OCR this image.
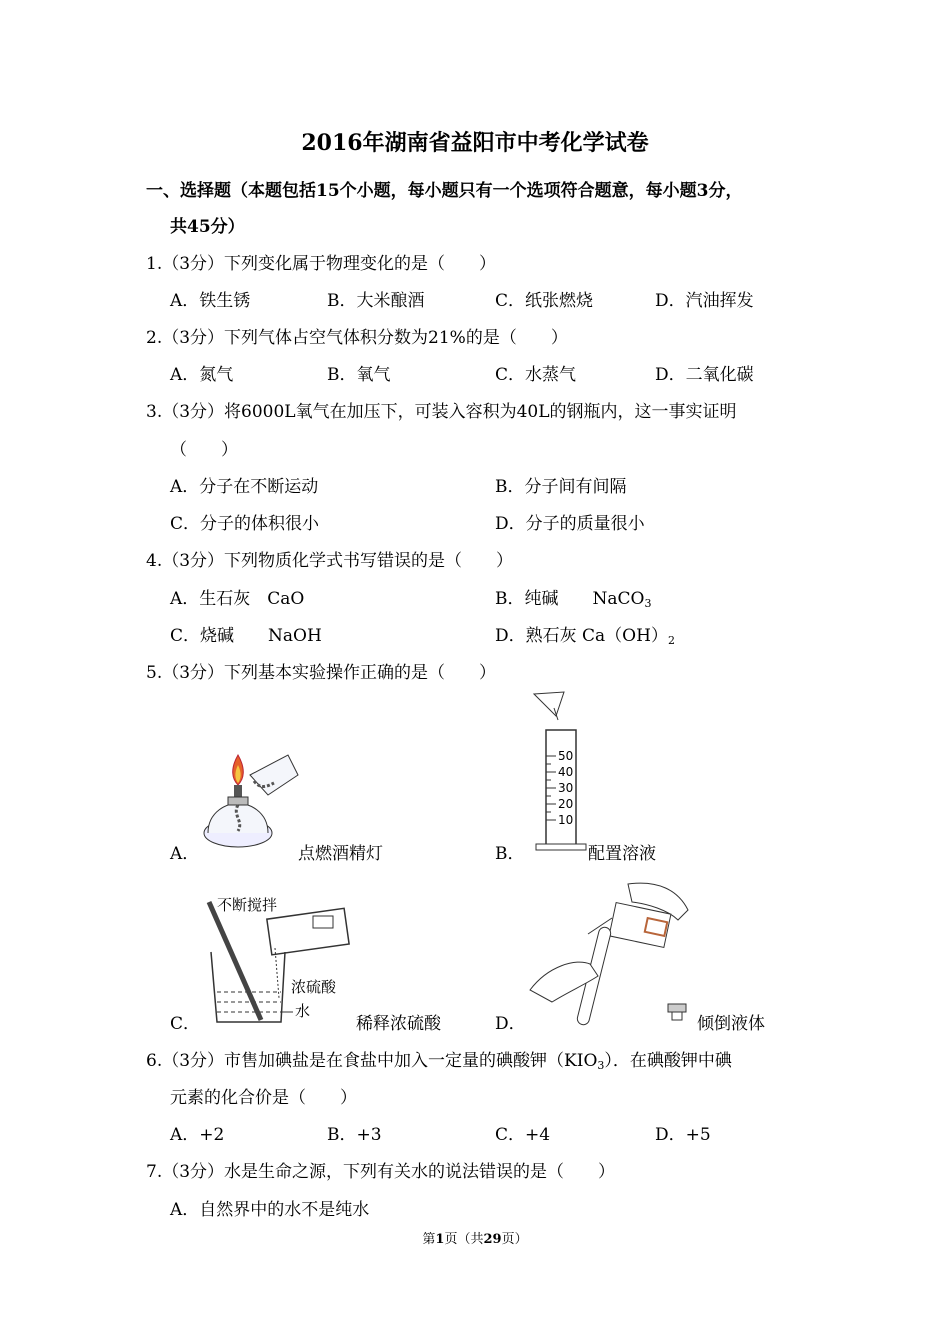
2016年湖南省益阳市中考化学试卷
一、选择题（本题包括15个小题，每小题只有一个选项符合题意，每小题3分，
共45分）
1.（3分）下列变化属于物理变化的是（　　）
A．铁生锈	B．大米酿酒	C．纸张燃烧	D．汽油挥发
2.（3分）下列气体占空气体积分数为21%的是（　　）
A．氮气	B．氧气	C．水蒸气	D．二氧化碳
3.（3分）将6000L氧气在加压下，可装入容积为40L的钢瓶内，这一事实证明
（　　）
A．分子在不断运动	B．分子间有间隔
C．分子的体积很小	D．分子的质量很小
4.（3分）下列物质化学式书写错误的是（　　）
A．生石灰　CaO	B．纯碱　　NaCO$_3$
C．烧碱　　NaOH	D．熟石灰 $Ca(OH)_2$
5.（3分）下列基本实验操作正确的是（　　）
A．	点燃酒精灯
50
40
30
20
10
B．	配置溶液
不断搅拌
浓硫酸
水
C．	稀释浓硫酸	D．	倾倒液体
6.（3分）市售加碘盐是在食盐中加入一定量的碘酸钾$(KIO_3)$．在碘酸钾中碘
元素的化合价是（　　）
A．+2	B．+3	C．+4	D．+5
7.（3分）水是生命之源，下列有关水的说法错误的是（　　）
A．自然界中的水不是纯水
第1页（共29页）
